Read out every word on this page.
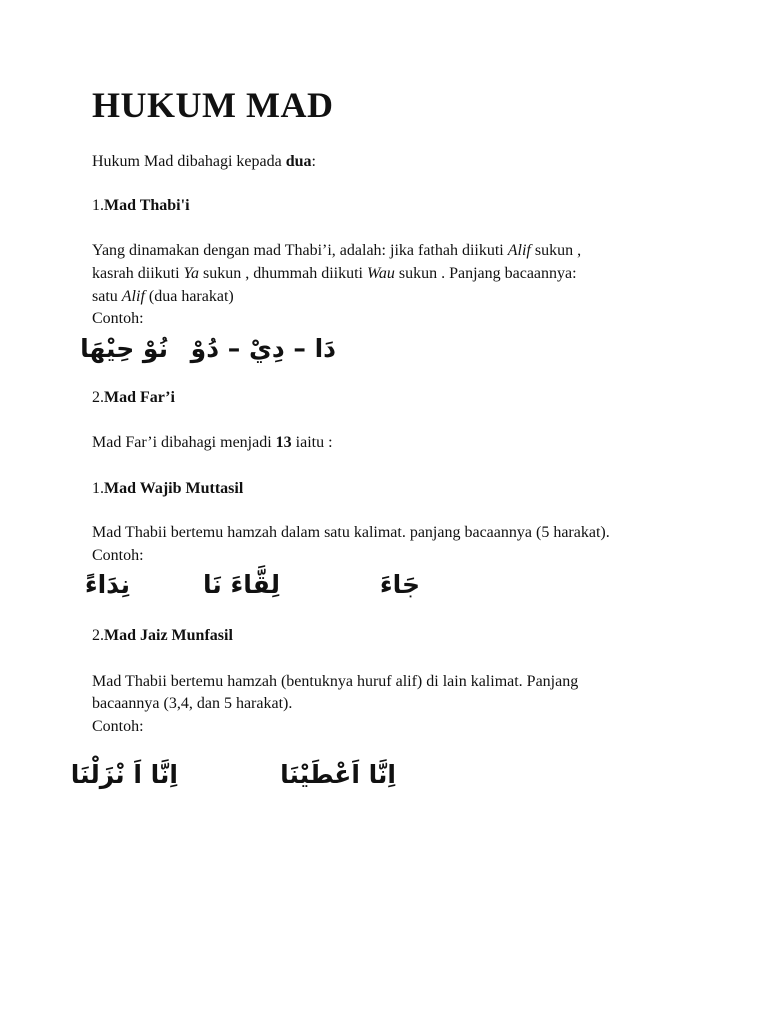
HUKUM MAD

Hukum Mad dibahagi kepada dua:

1.Mad Thabi'i

Yang dinamakan dengan mad Thabi’i, adalah: jika fathah diikuti Alif sukun ,

kasrah diikuti Ya sukun , dhummah diikuti Wau sukun . Panjang bacaannya:

satu Alif (dua harakat)

Contoh:

دَا – دِيْ – دُوْ
نُوْ حِيْهَا

2.Mad Far’i

Mad Far’i dibahagi menjadi 13 iaitu :

1.Mad Wajib Muttasil

Mad Thabii bertemu hamzah dalam satu kalimat. panjang bacaannya (5 harakat).

Contoh:

جَاءَ
لِقَّاءَ نَا
نِدَاءً

2.Mad Jaiz Munfasil

Mad Thabii bertemu hamzah (bentuknya huruf alif) di lain kalimat. Panjang

bacaannya (3,4, dan 5 harakat).

Contoh:

اِنَّا اَعْطَيْنَا
اِنَّا اَ نْزَلْنَا
